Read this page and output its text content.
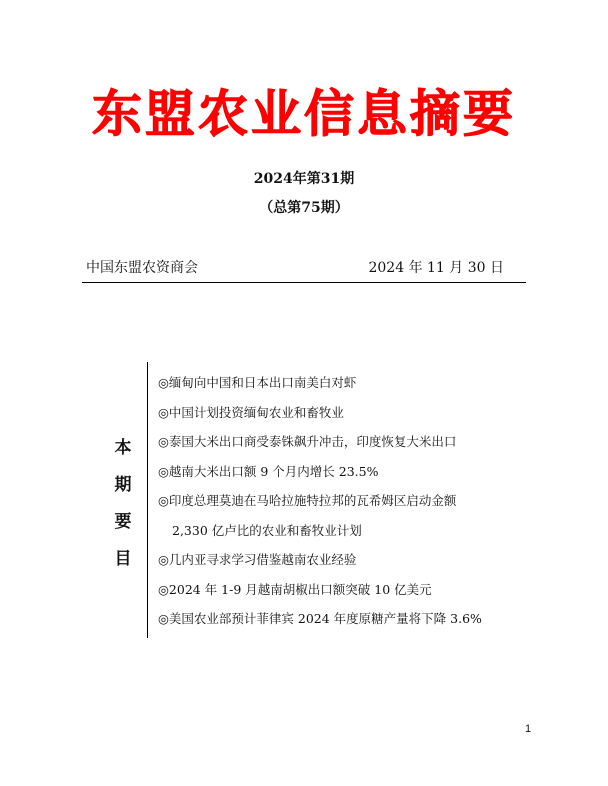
东盟农业信息摘要
2024年第31期
（总第75期）
中国东盟农资商会	2024 年 11 月 30 日
本
期
要
目
◎缅甸向中国和日本出口南美白对虾
◎中国计划投资缅甸农业和畜牧业
◎泰国大米出口商受泰铢飙升冲击，印度恢复大米出口
◎越南大米出口额 9 个月内增长 23.5%
◎印度总理莫迪在马哈拉施特拉邦的瓦希姆区启动金额
2,330 亿卢比的农业和畜牧业计划
◎几内亚寻求学习借鉴越南农业经验
◎2024 年 1-9 月越南胡椒出口额突破 10 亿美元
◎美国农业部预计菲律宾 2024 年度原糖产量将下降 3.6%
1
